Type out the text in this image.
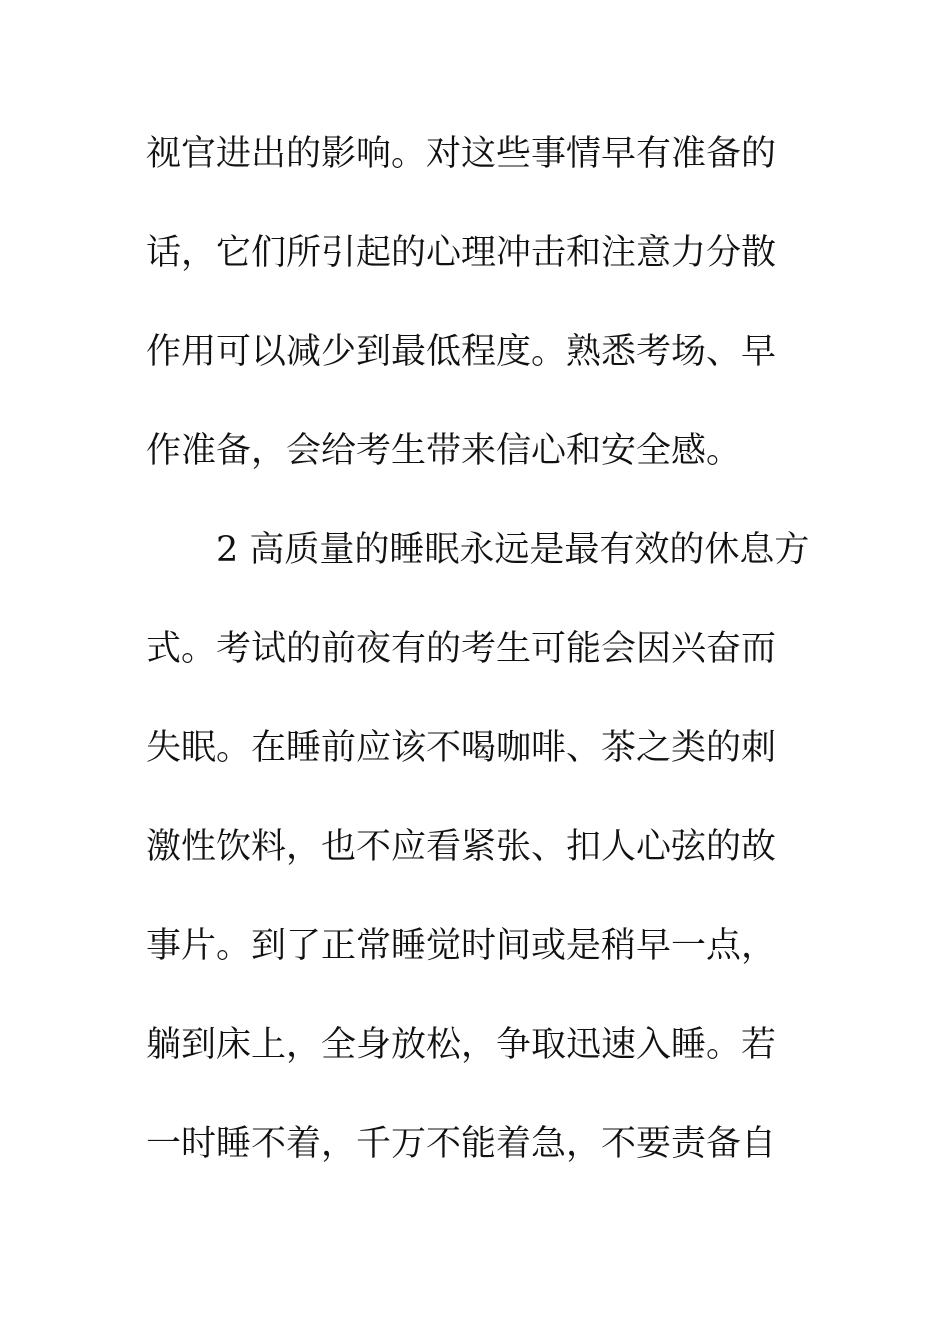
视官进出的影响。对这些事情早有准备的
话，它们所引起的心理冲击和注意力分散
作用可以减少到最低程度。熟悉考场、早
作准备，会给考生带来信心和安全感。
2 高质量的睡眠永远是最有效的休息方
式。考试的前夜有的考生可能会因兴奋而
失眠。在睡前应该不喝咖啡、茶之类的刺
激性饮料，也不应看紧张、扣人心弦的故
事片。到了正常睡觉时间或是稍早一点，
躺到床上，全身放松，争取迅速入睡。若
一时睡不着，千万不能着急，不要责备自
